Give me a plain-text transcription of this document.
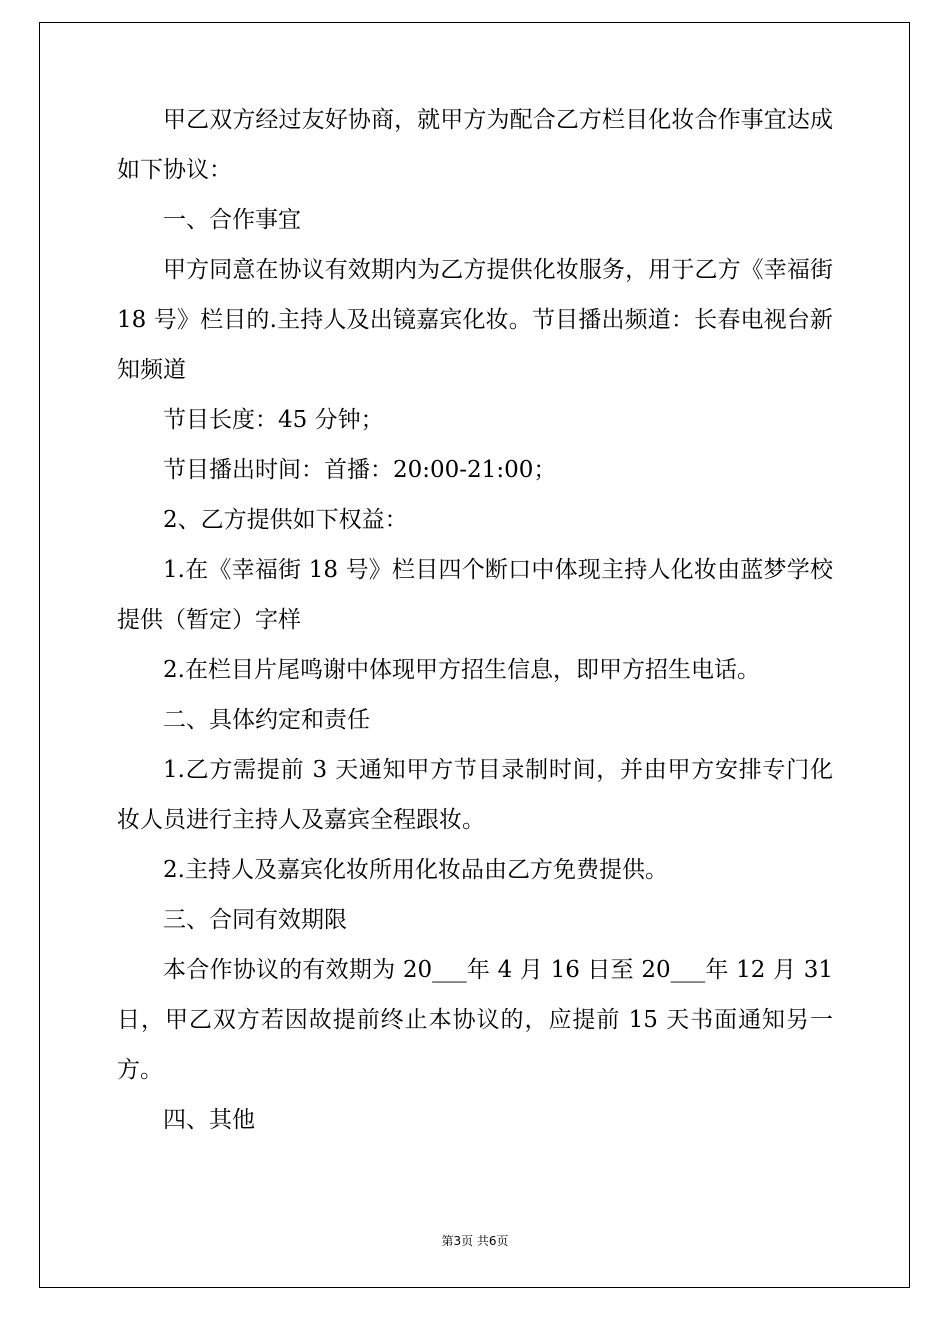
甲乙双方经过友好协商，就甲方为配合乙方栏目化妆合作事宜达成如下协议：

一、合作事宜

甲方同意在协议有效期内为乙方提供化妆服务，用于乙方《幸福街 18 号》栏目的.主持人及出镜嘉宾化妆。节目播出频道：长春电视台新知频道

节目长度：45 分钟；

节目播出时间：首播：20:00-21:00；

2、乙方提供如下权益：

1.在《幸福街 18 号》栏目四个断口中体现主持人化妆由蓝梦学校提供（暂定）字样

2.在栏目片尾鸣谢中体现甲方招生信息，即甲方招生电话。

二、具体约定和责任

1.乙方需提前 3 天通知甲方节目录制时间，并由甲方安排专门化妆人员进行主持人及嘉宾全程跟妆。

2.主持人及嘉宾化妆所用化妆品由乙方免费提供。

三、合同有效期限

本合作协议的有效期为 20___年 4 月 16 日至 20___年 12 月 31 日，甲乙双方若因故提前终止本协议的，应提前 15 天书面通知另一方。

四、其他

第3页 共6页
